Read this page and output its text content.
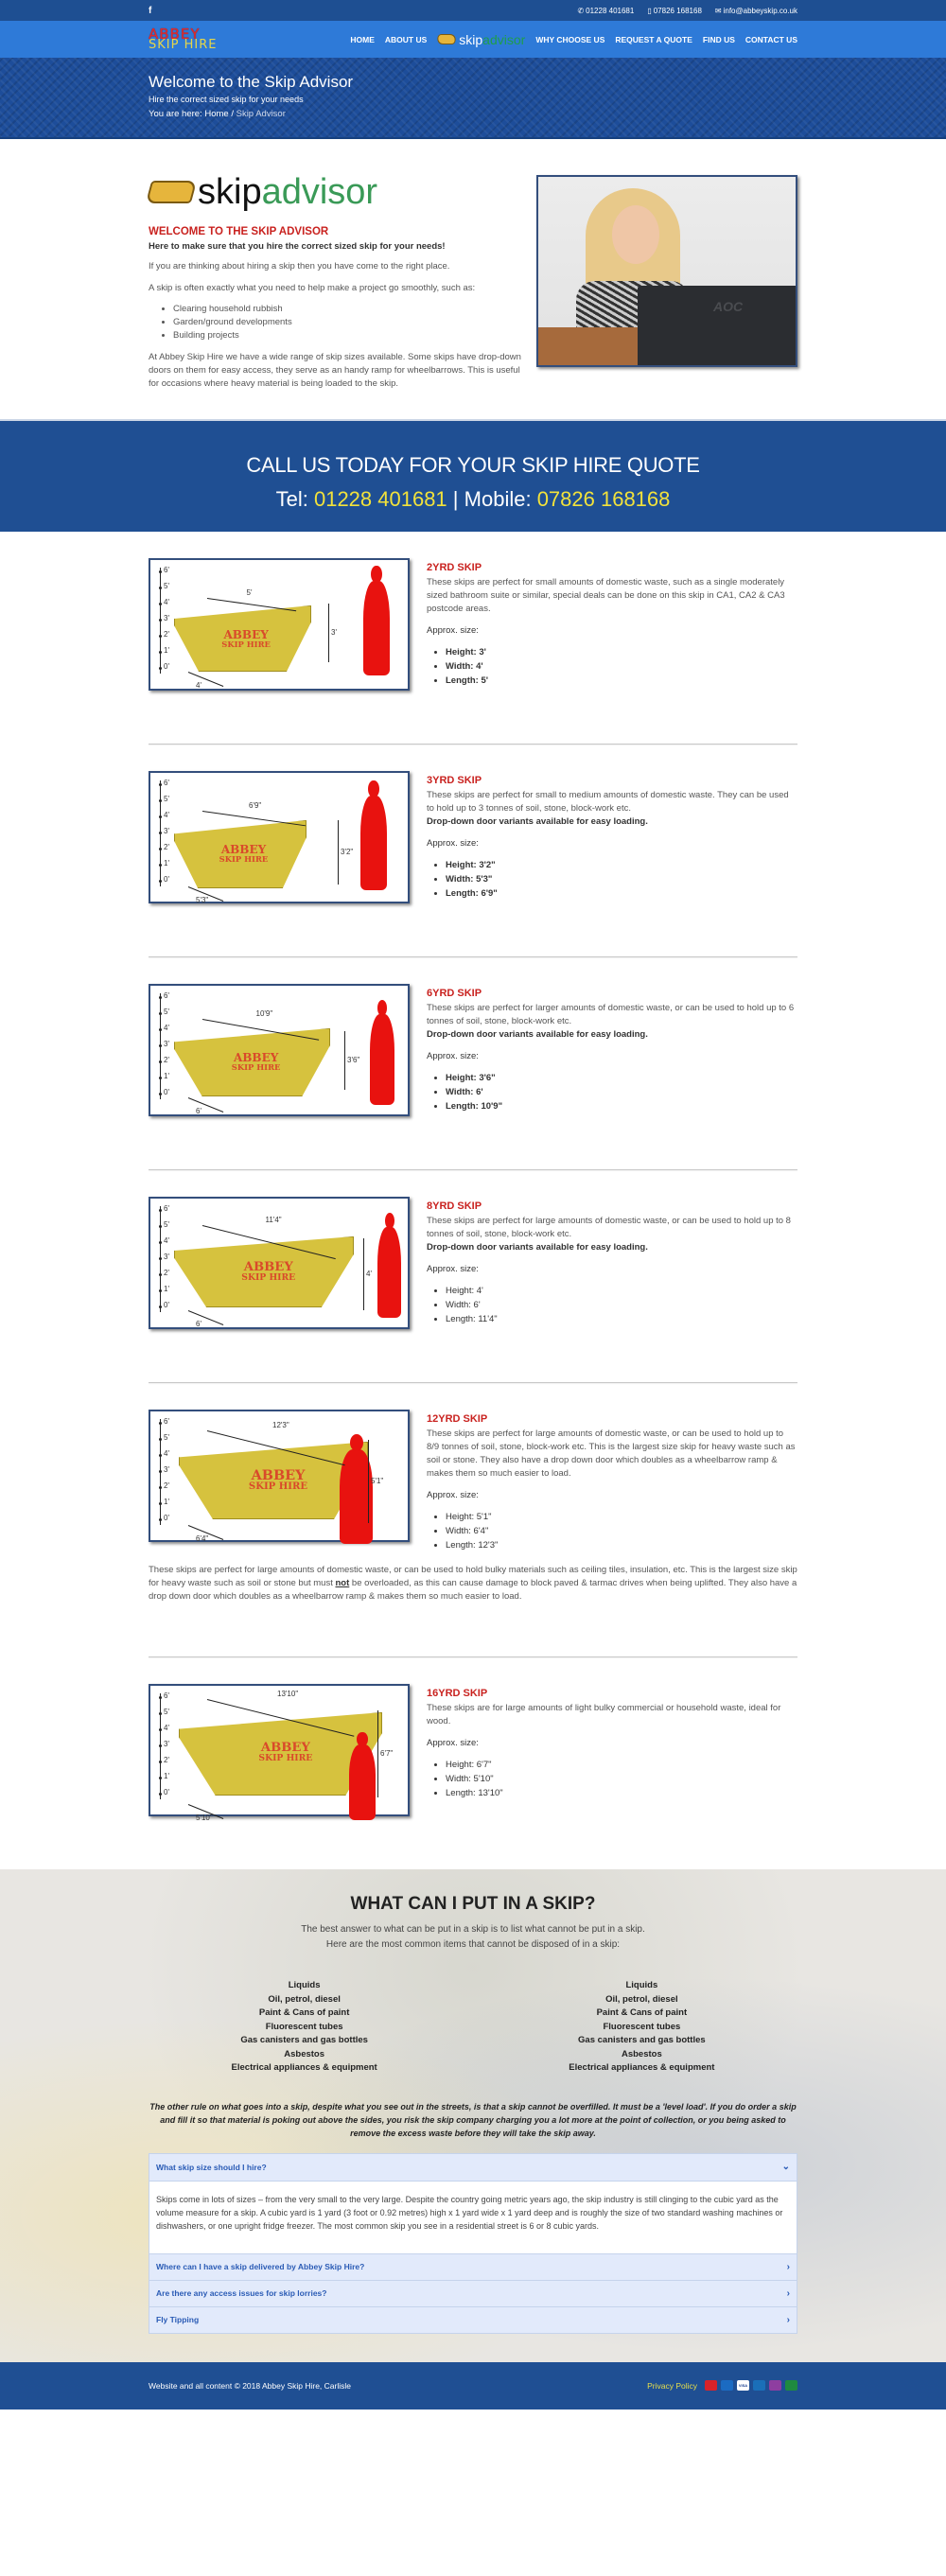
f	✆ 01228 401681 ▯ 07826 168168 ✉ info@abbeyskip.co.uk
ABBEY
SKIP HIRE	HOME ABOUT US skip advisor WHY CHOOSE US REQUEST A QUOTE FIND US CONTACT US
Welcome to the Skip Advisor
Hire the correct sized skip for your needs
You are here: Home / Skip Advisor
skip advisor
WELCOME TO THE SKIP ADVISOR
Here to make sure that you hire the correct sized skip for your needs!

If you are thinking about hiring a skip then you have come to the right place.

A skip is often exactly what you need to help make a project go smoothly, such as:

• Clearing household rubbish
• Garden/ground developments
• Building projects

At Abbey Skip Hire we have a wide range of skip sizes available. Some skips have drop-down doors on them for easy access, they serve as an handy ramp for wheelbarrows. This is useful for occasions where heavy material is being loaded to the skip.

AOC
CALL US TODAY FOR YOUR SKIP HIRE QUOTE
Tel: 01228 401681 | Mobile: 07826 168168
6'
5'
4'
3'
2'
1'
0'
ABBEY
SKIP HIRE
5'
3'
4'
2YRD SKIP
These skips are perfect for small amounts of domestic waste, such as a single moderately sized bathroom suite or similar, special deals can be done on this skip in CA1, CA2 & CA3 postcode areas.
Approx. size:
• Height: 3'
• Width: 4'
• Length: 5'
6'
5'
4'
3'
2'
1'
0'
ABBEY
SKIP HIRE
6'9"
3'2"
5'3"
3YRD SKIP
These skips are perfect for small to medium amounts of domestic waste. They can be used to hold up to 3 tonnes of soil, stone, block-work etc.
Drop-down door variants available for easy loading.
Approx. size:
• Height: 3'2"
• Width: 5'3"
• Length: 6'9"
6'
5'
4'
3'
2'
1'
0'
ABBEY
SKIP HIRE
10'9"
3'6"
6'
6YRD SKIP
These skips are perfect for larger amounts of domestic waste, or can be used to hold up to 6 tonnes of soil, stone, block-work etc.
Drop-down door variants available for easy loading.
Approx. size:
• Height: 3'6"
• Width: 6'
• Length: 10'9"
6'
5'
4'
3'
2'
1'
0'
ABBEY
SKIP HIRE
11'4"
4'
6'
8YRD SKIP
These skips are perfect for large amounts of domestic waste, or can be used to hold up to 8 tonnes of soil, stone, block-work etc.
Drop-down door variants available for easy loading.
Approx. size:
• Height: 4'
• Width: 6'
• Length: 11'4"
6'
5'
4'
3'
2'
1'
0'
ABBEY
SKIP HIRE
12'3"
5'1"
6'4"
12YRD SKIP
These skips are perfect for large amounts of domestic waste, or can be used to hold up to 8/9 tonnes of soil, stone, block-work etc. This is the largest size skip for heavy waste such as soil or stone. They also have a drop down door which doubles as a wheelbarrow ramp & makes them so much easier to load.
Approx. size:
• Height: 5'1"
• Width: 6'4"
• Length: 12'3"
These skips are perfect for large amounts of domestic waste, or can be used to hold bulky materials such as ceiling tiles, insulation, etc. This is the largest size skip for heavy waste such as soil or stone but must not be overloaded, as this can cause damage to block paved & tarmac drives when being uplifted. They also have a drop down door which doubles as a wheelbarrow ramp & makes them so much easier to load.
6'
5'
4'
3'
2'
1'
0'
ABBEY
SKIP HIRE
13'10"
6'7"
5'10"
16YRD SKIP
These skips are for large amounts of light bulky commercial or household waste, ideal for wood.
Approx. size:
• Height: 6'7"
• Width: 5'10"
• Length: 13'10"
WHAT CAN I PUT IN A SKIP?
The best answer to what can be put in a skip is to list what cannot be put in a skip.
Here are the most common items that cannot be disposed of in a skip:
Liquids
Oil, petrol, diesel
Paint & Cans of paint
Fluorescent tubes
Gas canisters and gas bottles
Asbestos
Electrical appliances & equipment
Liquids
Oil, petrol, diesel
Paint & Cans of paint
Fluorescent tubes
Gas canisters and gas bottles
Asbestos
Electrical appliances & equipment
The other rule on what goes into a skip, despite what you see out in the streets, is that a skip cannot be overfilled. It must be a 'level load'. If you do order a skip and fill it so that material is poking out above the sides, you risk the skip company charging you a lot more at the point of collection, or you being asked to remove the excess waste before they will take the skip away.
What skip size should I hire?	⌄
Skips come in lots of sizes – from the very small to the very large. Despite the country going metric years ago, the skip industry is still clinging to the cubic yard as the volume measure for a skip. A cubic yard is 1 yard (3 foot or 0.92 metres) high x 1 yard wide x 1 yard deep and is roughly the size of two standard washing machines or dishwashers, or one upright fridge freezer. The most common skip you see in a residential street is 6 or 8 cubic yards.
Where can I have a skip delivered by Abbey Skip Hire?	›
Are there any access issues for skip lorries?	›
Fly Tipping	›
Website and all content © 2018 Abbey Skip Hire, Carlisle	Privacy Policy	VISA
